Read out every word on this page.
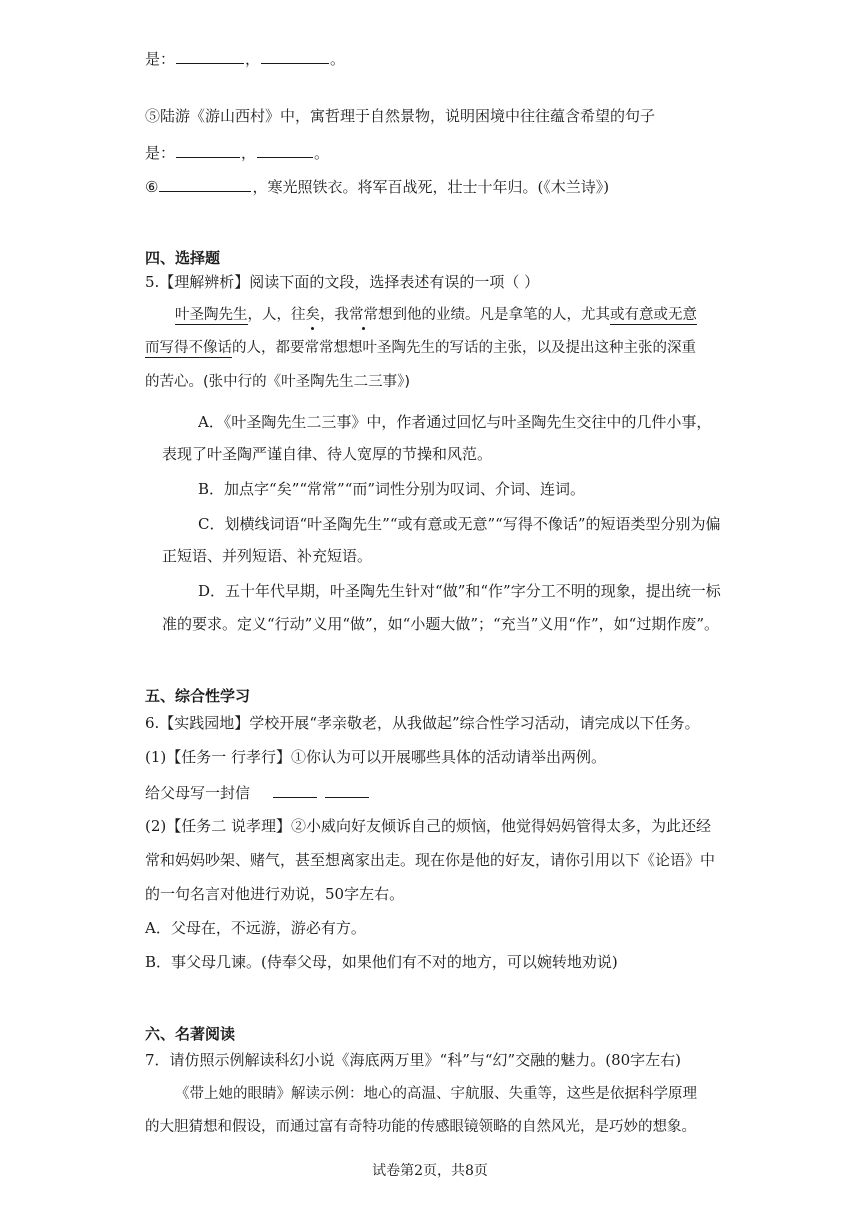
是：	，	。
⑤陆游《游山西村》中，寓哲理于自然景物，说明困境中往往蕴含希望的句子
是：	，	。
⑥	，寒光照铁衣。将军百战死，壮士十年归。(《木兰诗》)
四、选择题
5.【理解辨析】阅读下面的文段，选择表述有误的一项（ ）
叶圣陶先生，人，往矣，我常常想到他的业绩。凡是拿笔的人，尤其或有意或无意
而写得不像话的人，都要常常想想叶圣陶先生的写话的主张，以及提出这种主张的深重
的苦心。(张中行的《叶圣陶先生二三事》)
A．《叶圣陶先生二三事》中，作者通过回忆与叶圣陶先生交往中的几件小事，
表现了叶圣陶严谨自律、待人宽厚的节操和风范。
B．加点字“矣”“常常”“而”词性分别为叹词、介词、连词。
C．划横线词语“叶圣陶先生”“或有意或无意”“写得不像话”的短语类型分别为偏
正短语、并列短语、补充短语。
D．五十年代早期，叶圣陶先生针对“做”和“作”字分工不明的现象，提出统一标
准的要求。定义“行动”义用“做”，如“小题大做”；“充当”义用“作”，如“过期作废”。
五、综合性学习
6.【实践园地】学校开展“孝亲敬老，从我做起”综合性学习活动，请完成以下任务。
(1)【任务一 行孝行】①你认为可以开展哪些具体的活动请举出两例。
给父母写一封信
(2)【任务二 说孝理】②小威向好友倾诉自己的烦恼，他觉得妈妈管得太多，为此还经
常和妈妈吵架、赌气，甚至想离家出走。现在你是他的好友，请你引用以下《论语》中
的一句名言对他进行劝说，50字左右。
A．父母在，不远游，游必有方。
B．事父母几谏。(侍奉父母，如果他们有不对的地方，可以婉转地劝说)
六、名著阅读
7．请仿照示例解读科幻小说《海底两万里》“科”与“幻”交融的魅力。(80字左右)
《带上她的眼睛》解读示例：地心的高温、宇航服、失重等，这些是依据科学原理
的大胆猜想和假设，而通过富有奇特功能的传感眼镜领略的自然风光，是巧妙的想象。
试卷第2页，共8页
